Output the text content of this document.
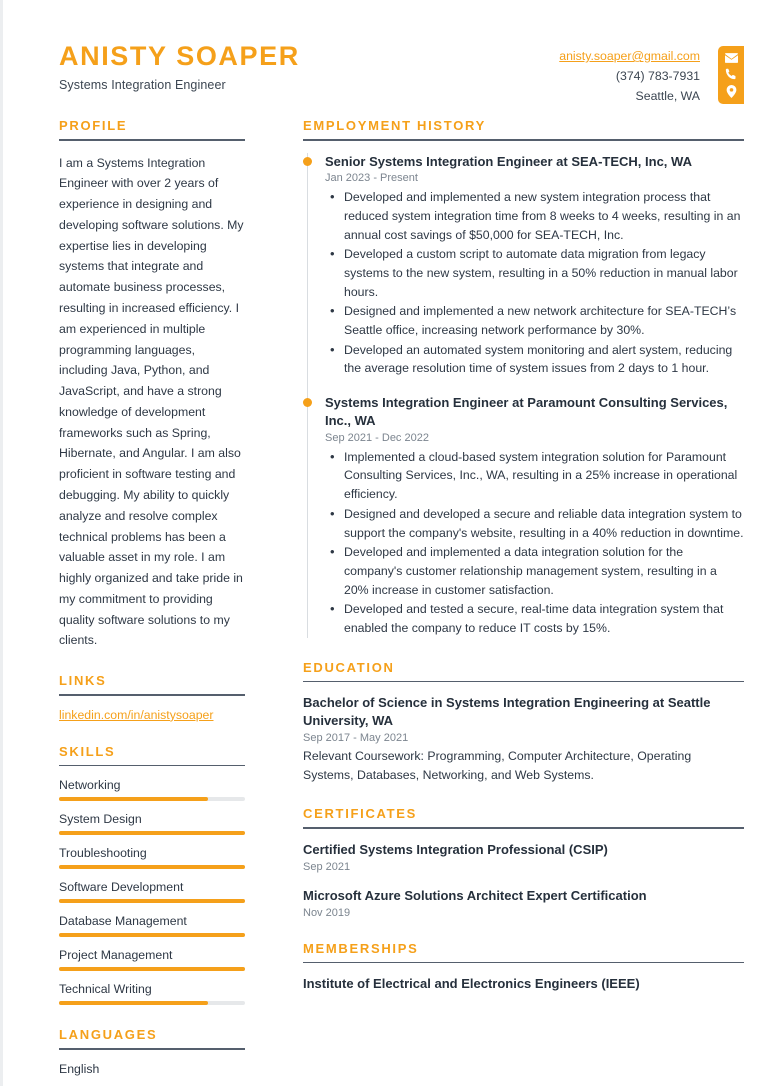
ANISTY SOAPER
Systems Integration Engineer
anisty.soaper@gmail.com
(374) 783-7931
Seattle, WA
PROFILE
I am a Systems Integration Engineer with over 2 years of experience in designing and developing software solutions. My expertise lies in developing systems that integrate and automate business processes, resulting in increased efficiency. I am experienced in multiple programming languages, including Java, Python, and JavaScript, and have a strong knowledge of development frameworks such as Spring, Hibernate, and Angular. I am also proficient in software testing and debugging. My ability to quickly analyze and resolve complex technical problems has been a valuable asset in my role. I am highly organized and take pride in my commitment to providing quality software solutions to my clients.
LINKS
linkedin.com/in/anistysoaper
SKILLS
Networking
System Design
Troubleshooting
Software Development
Database Management
Project Management
Technical Writing
LANGUAGES
English
EMPLOYMENT HISTORY
Senior Systems Integration Engineer at SEA-TECH, Inc, WA
Jan 2023 - Present
• Developed and implemented a new system integration process that reduced system integration time from 8 weeks to 4 weeks, resulting in an annual cost savings of $50,000 for SEA-TECH, Inc.
• Developed a custom script to automate data migration from legacy systems to the new system, resulting in a 50% reduction in manual labor hours.
• Designed and implemented a new network architecture for SEA-TECH’s Seattle office, increasing network performance by 30%.
• Developed an automated system monitoring and alert system, reducing the average resolution time of system issues from 2 days to 1 hour.
Systems Integration Engineer at Paramount Consulting Services, Inc., WA
Sep 2021 - Dec 2022
• Implemented a cloud-based system integration solution for Paramount Consulting Services, Inc., WA, resulting in a 25% increase in operational efficiency.
• Designed and developed a secure and reliable data integration system to support the company's website, resulting in a 40% reduction in downtime.
• Developed and implemented a data integration solution for the company's customer relationship management system, resulting in a 20% increase in customer satisfaction.
• Developed and tested a secure, real-time data integration system that enabled the company to reduce IT costs by 15%.
EDUCATION
Bachelor of Science in Systems Integration Engineering at Seattle University, WA
Sep 2017 - May 2021
Relevant Coursework: Programming, Computer Architecture, Operating Systems, Databases, Networking, and Web Systems.
CERTIFICATES
Certified Systems Integration Professional (CSIP)
Sep 2021
Microsoft Azure Solutions Architect Expert Certification
Nov 2019
MEMBERSHIPS
Institute of Electrical and Electronics Engineers (IEEE)
